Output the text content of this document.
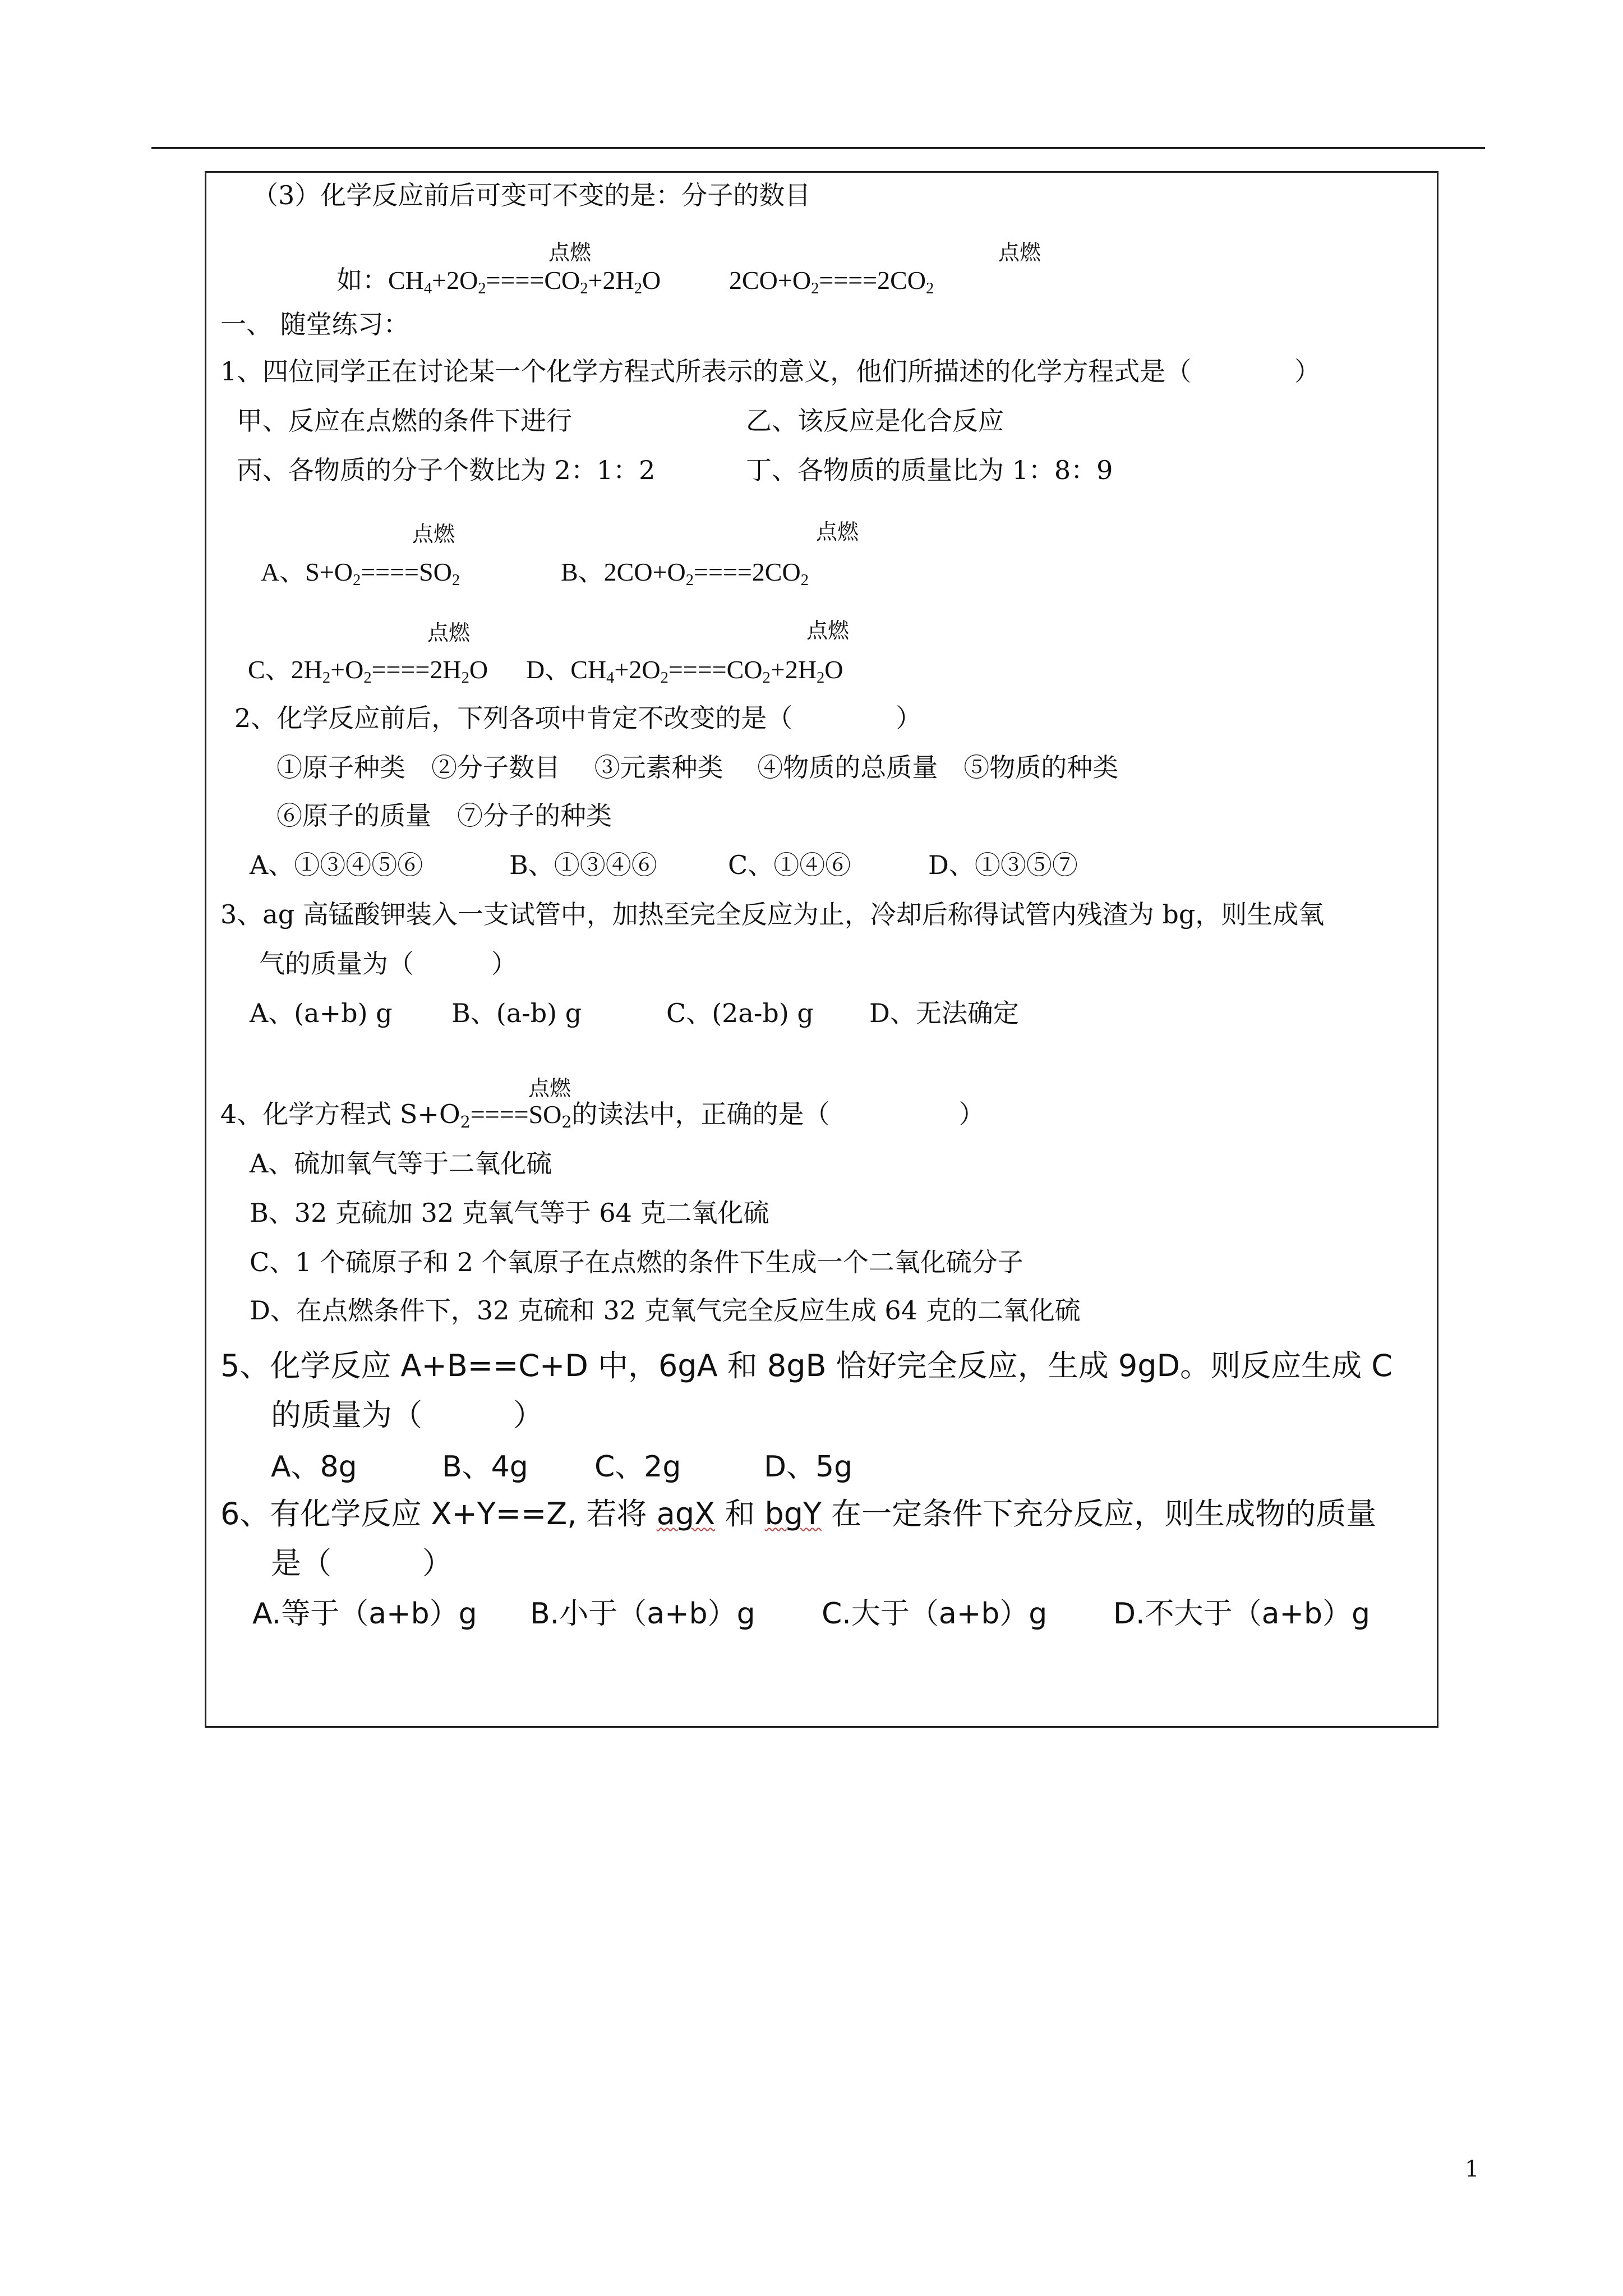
（3）化学反应前后可变可不变的是：分子的数目
点燃	点燃
如：$CH_4+2O_2====CO_2+2H_2O$	$2CO+O_2====2CO_2$
一、 随堂练习：
1、四位同学正在讨论某一个化学方程式所表示的意义，他们所描述的化学方程式是（　　　　）
甲、反应在点燃的条件下进行	乙、该反应是化合反应
丙、各物质的分子个数比为 2：1：2	丁、各物质的质量比为 1：8：9
点燃	点燃
A、$S+O_2====SO_2$	B、$2CO+O_2====2CO_2$
点燃	点燃
C、$2H_2+O_2====2H_2O$ D、$CH_4+2O_2====CO_2+2H_2O$
2、化学反应前后，下列各项中肯定不改变的是（　　　　）
①原子种类　②分子数目　 ③元素种类　 ④物质的总质量　⑤物质的种类
⑥原子的质量　⑦分子的种类
A、①③④⑤⑥	B、①③④⑥	C、①④⑥	D、①③⑤⑦
3、ag 高锰酸钾装入一支试管中，加热至完全反应为止，冷却后称得试管内残渣为 bg，则生成氧
气的质量为（　　　）
A、(a+b) g B、(a-b) g	C、(2a-b) g D、无法确定
点燃
4、化学方程式 $S+O_2====SO_2$的读法中，正确的是（　　　　　）
A、硫加氧气等于二氧化硫
B、32 克硫加 32 克氧气等于 64 克二氧化硫
C、1 个硫原子和 2 个氧原子在点燃的条件下生成一个二氧化硫分子
D、在点燃条件下，32 克硫和 32 克氧气完全反应生成 64 克的二氧化硫
5、化学反应 A+B==C+D 中，6gA 和 8gB 恰好完全反应，生成 9gD。则反应生成 C
的质量为（　　　）
A、8g	B、4g C、2g	D、5g
6、有化学反应 X+Y==Z, 若将 agX 和 bgY 在一定条件下充分反应，则生成物的质量
是（　　　）
A.等于（a+b）g B.小于（a+b）g C.大于（a+b）g D.不大于（a+b）g
1
